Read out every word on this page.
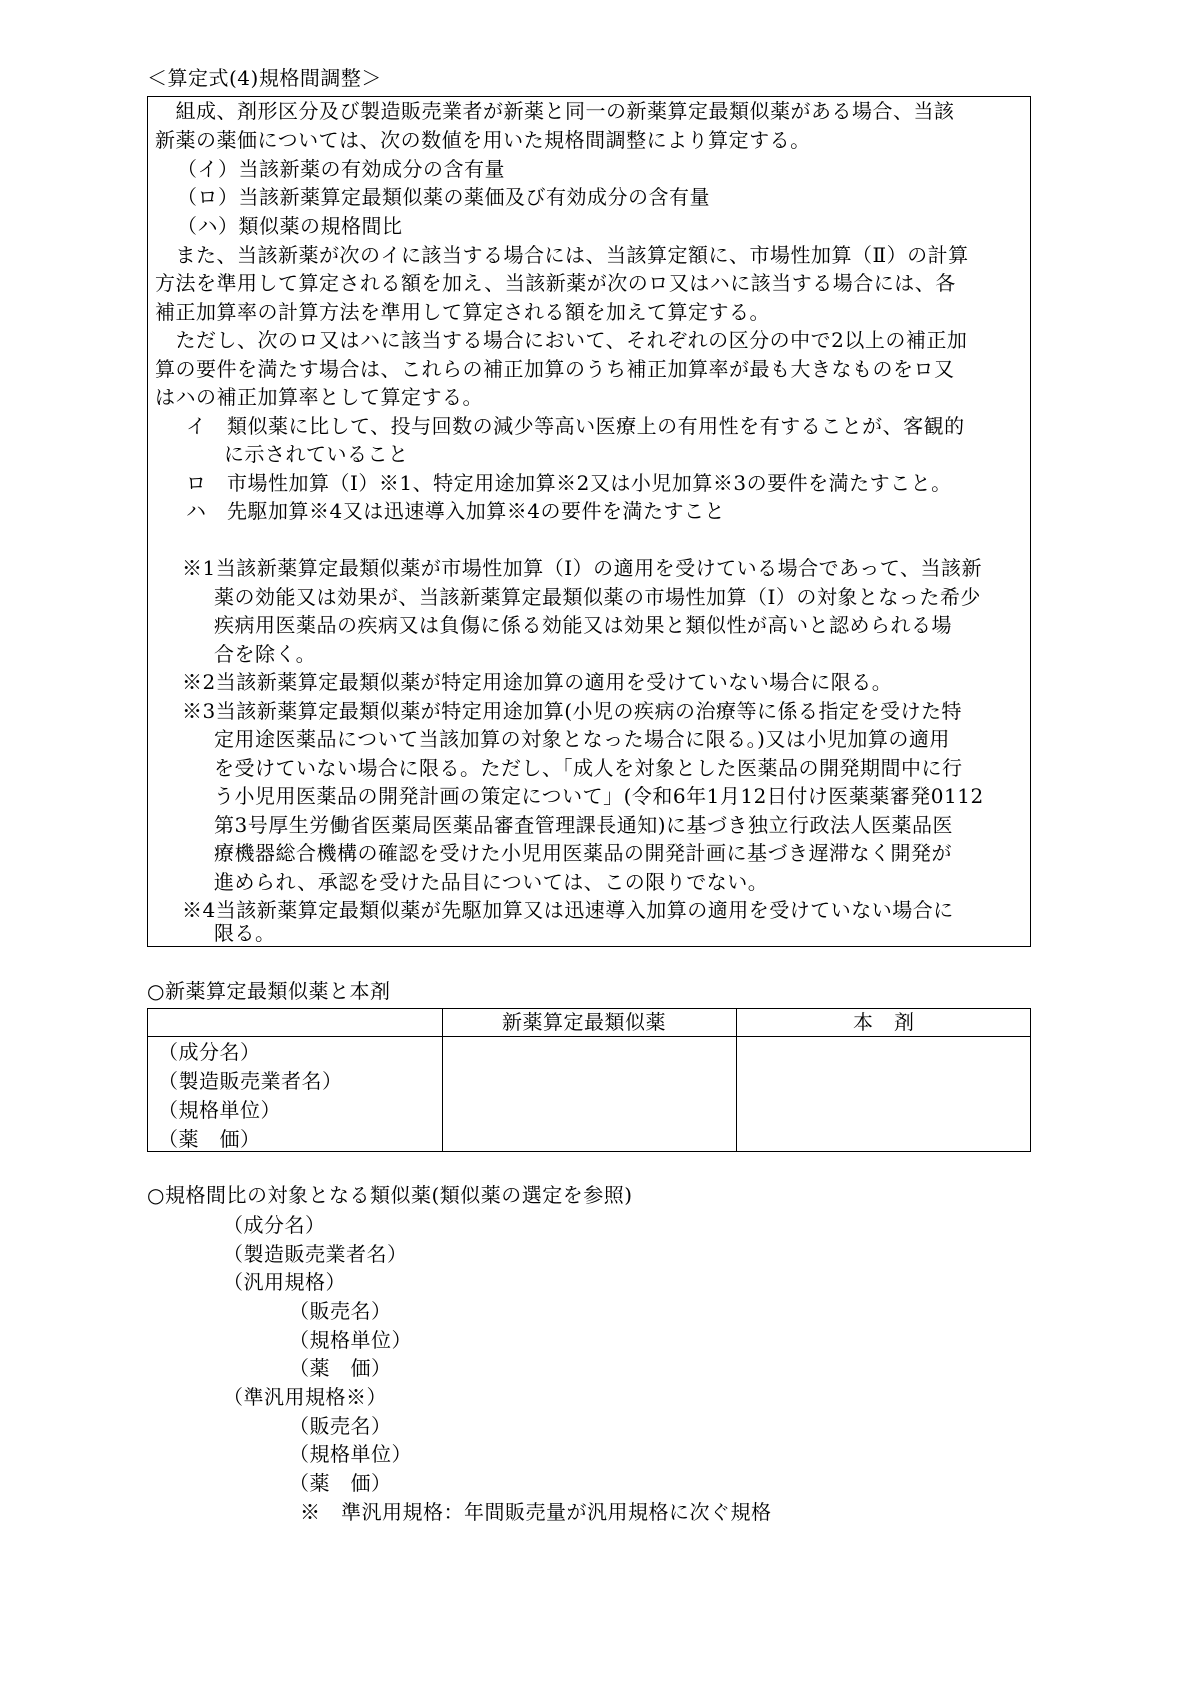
＜算定式(4)規格間調整＞
　組成、剤形区分及び製造販売業者が新薬と同一の新薬算定最類似薬がある場合、当該
新薬の薬価については、次の数値を用いた規格間調整により算定する。
（イ）当該新薬の有効成分の含有量
（ロ）当該新薬算定最類似薬の薬価及び有効成分の含有量
（ハ）類似薬の規格間比
　また、当該新薬が次のイに該当する場合には、当該算定額に、市場性加算（Ⅱ）の計算
方法を準用して算定される額を加え、当該新薬が次のロ又はハに該当する場合には、各
補正加算率の計算方法を準用して算定される額を加えて算定する。
　ただし、次のロ又はハに該当する場合において、それぞれの区分の中で2以上の補正加
算の要件を満たす場合は、これらの補正加算のうち補正加算率が最も大きなものをロ又
はハの補正加算率として算定する。
イ　類似薬に比して、投与回数の減少等高い医療上の有用性を有することが、客観的
に示されていること
ロ　市場性加算（Ⅰ）※1、特定用途加算※2又は小児加算※3の要件を満たすこと。
ハ　先駆加算※4又は迅速導入加算※4の要件を満たすこと
※1当該新薬算定最類似薬が市場性加算（Ⅰ）の適用を受けている場合であって、当該新
薬の効能又は効果が、当該新薬算定最類似薬の市場性加算（Ⅰ）の対象となった希少
疾病用医薬品の疾病又は負傷に係る効能又は効果と類似性が高いと認められる場
合を除く。
※2当該新薬算定最類似薬が特定用途加算の適用を受けていない場合に限る。
※3当該新薬算定最類似薬が特定用途加算(小児の疾病の治療等に係る指定を受けた特
定用途医薬品について当該加算の対象となった場合に限る。)又は小児加算の適用
を受けていない場合に限る。ただし、「成人を対象とした医薬品の開発期間中に行
う小児用医薬品の開発計画の策定について」(令和6年1月12日付け医薬薬審発0112
第3号厚生労働省医薬局医薬品審査管理課長通知)に基づき独立行政法人医薬品医
療機器総合機構の確認を受けた小児用医薬品の開発計画に基づき遅滞なく開発が
進められ、承認を受けた品目については、この限りでない。
※4当該新薬算定最類似薬が先駆加算又は迅速導入加算の適用を受けていない場合に
限る。
○新薬算定最類似薬と本剤
新薬算定最類似薬	本　剤
（成分名）
（製造販売業者名）
（規格単位）
（薬　価）
○規格間比の対象となる類似薬(類似薬の選定を参照)
（成分名）
（製造販売業者名）
（汎用規格）
（販売名）
（規格単位）
（薬　価）
（準汎用規格※）
（販売名）
（規格単位）
（薬　価）
※　準汎用規格：年間販売量が汎用規格に次ぐ規格
